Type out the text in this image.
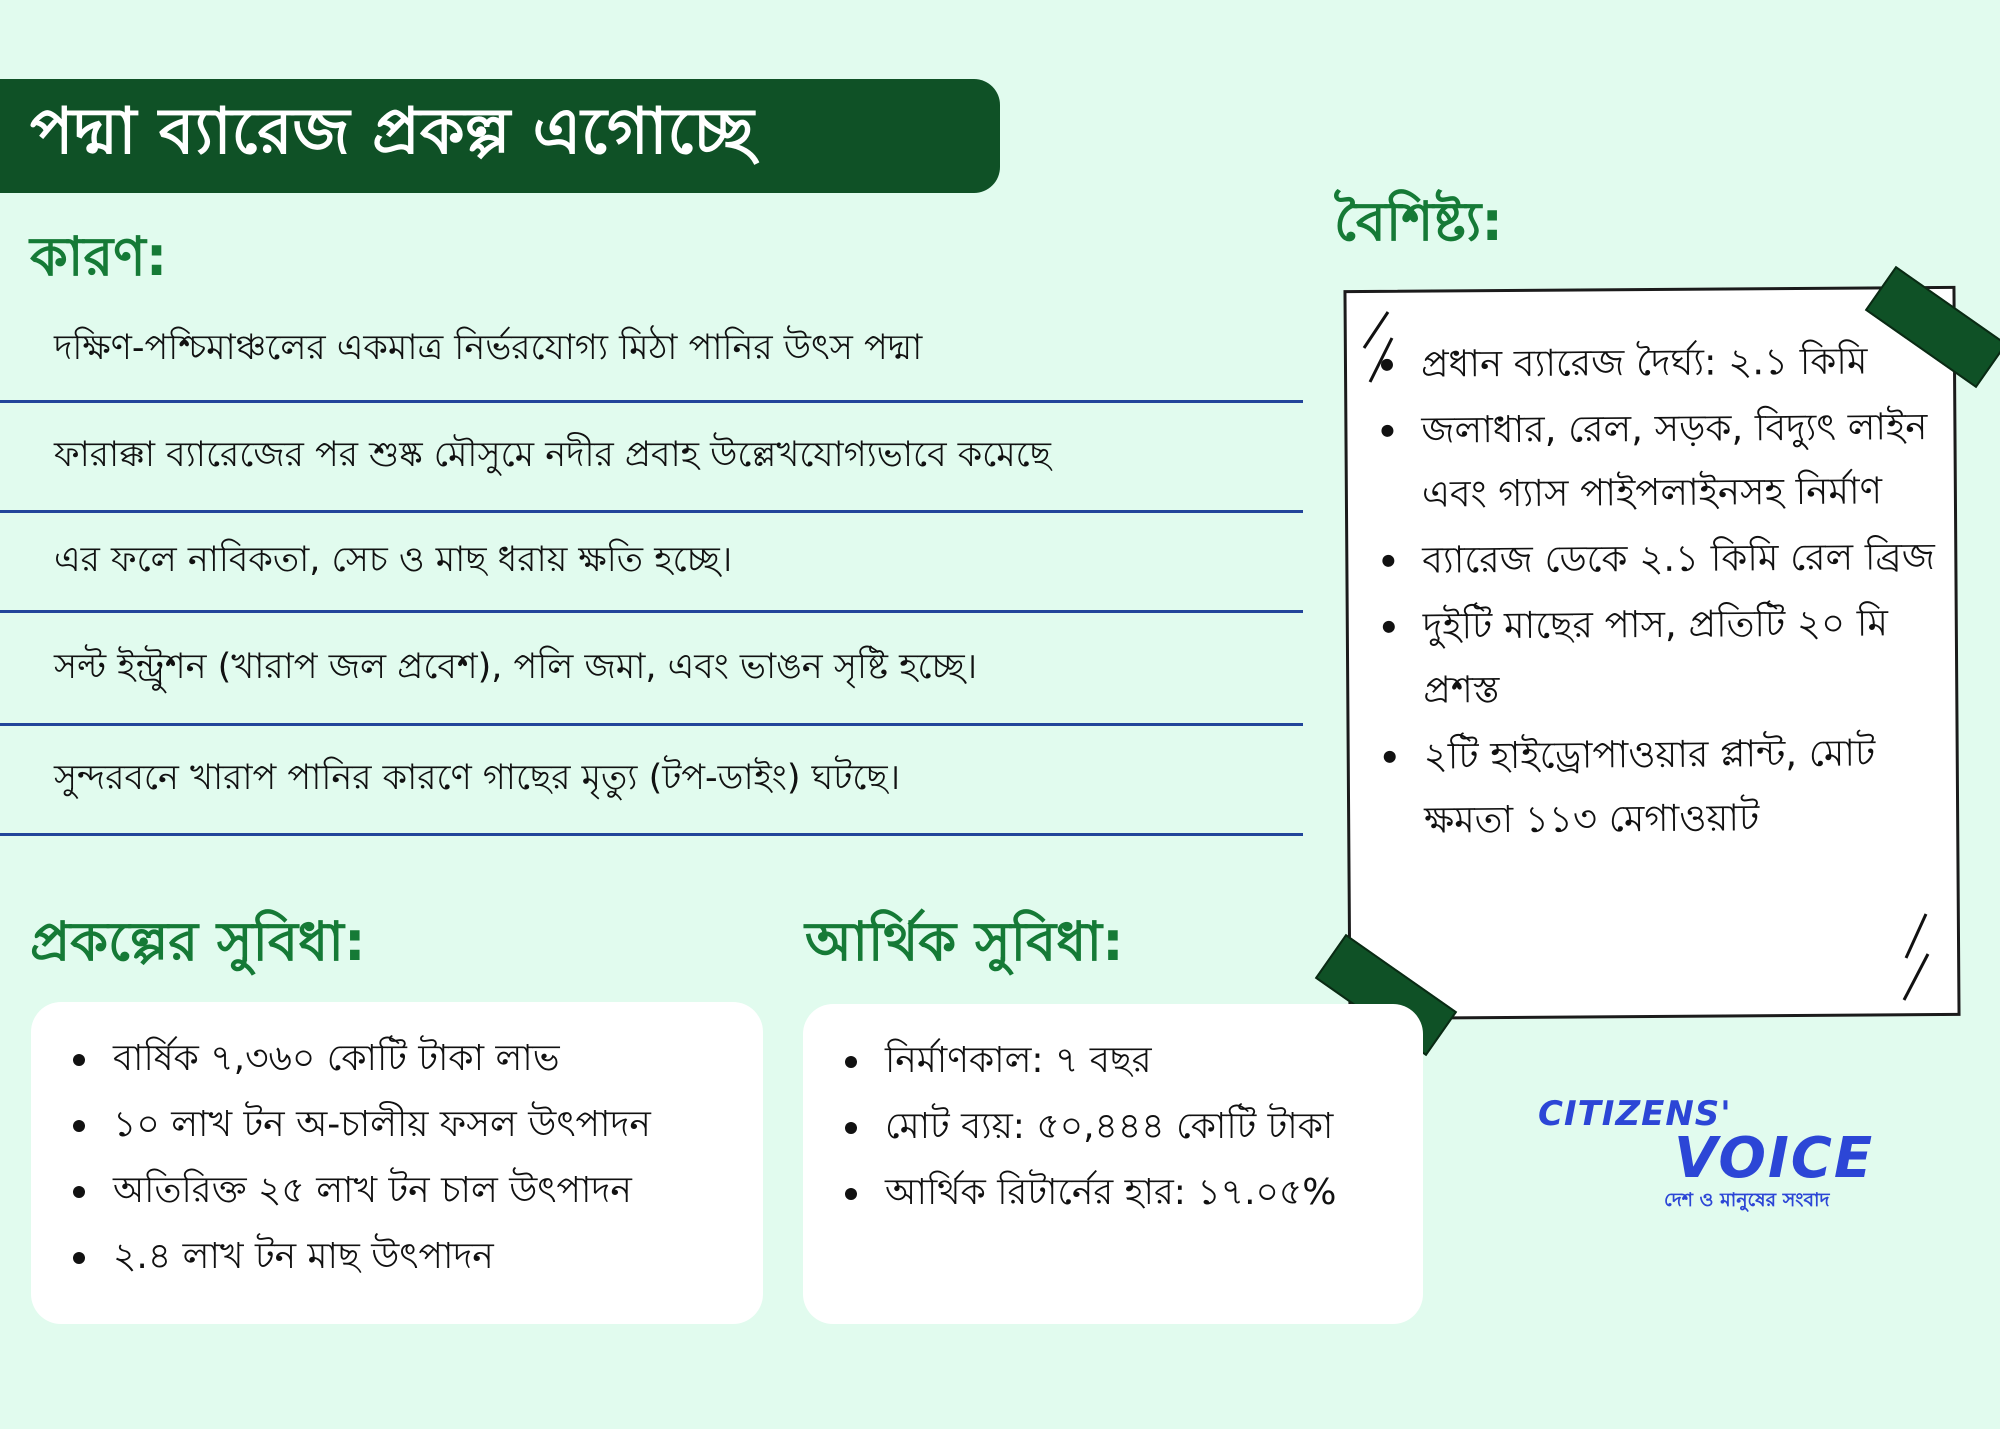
পদ্মা ব্যারেজ প্রকল্প এগোচ্ছে
কারণ:
দক্ষিণ-পশ্চিমাঞ্চলের একমাত্র নির্ভরযোগ্য মিঠা পানির উৎস পদ্মা
ফারাক্কা ব্যারেজের পর শুষ্ক মৌসুমে নদীর প্রবাহ উল্লেখযোগ্যভাবে কমেছে
এর ফলে নাবিকতা, সেচ ও মাছ ধরায় ক্ষতি হচ্ছে।
সল্ট ইন্ট্রুশন (খারাপ জল প্রবেশ), পলি জমা, এবং ভাঙন সৃষ্টি হচ্ছে।
সুন্দরবনে খারাপ পানির কারণে গাছের মৃত্যু (টপ-ডাইং) ঘটছে।
বৈশিষ্ট্য:
প্রধান ব্যারেজ দৈর্ঘ্য: ২.১ কিমি
জলাধার, রেল, সড়ক, বিদ্যুৎ লাইন এবং গ্যাস পাইপলাইনসহ নির্মাণ
ব্যারেজ ডেকে ২.১ কিমি রেল ব্রিজ
দুইটি মাছের পাস, প্রতিটি ২০ মি প্রশস্ত
২টি হাইড্রোপাওয়ার প্লান্ট, মোট ক্ষমতা ১১৩ মেগাওয়াট
প্রকল্পের সুবিধা:	আর্থিক সুবিধা:
বার্ষিক ৭,৩৬০ কোটি টাকা লাভ
১০ লাখ টন অ-চালীয় ফসল উৎপাদন
অতিরিক্ত ২৫ লাখ টন চাল উৎপাদন
২.৪ লাখ টন মাছ উৎপাদন
নির্মাণকাল: ৭ বছর
মোট ব্যয়: ৫০,৪৪৪ কোটি টাকা
আর্থিক রিটার্নের হার: ১৭.০৫%
CITIZENS'
VOICE
দেশ ও মানুষের সংবাদ
